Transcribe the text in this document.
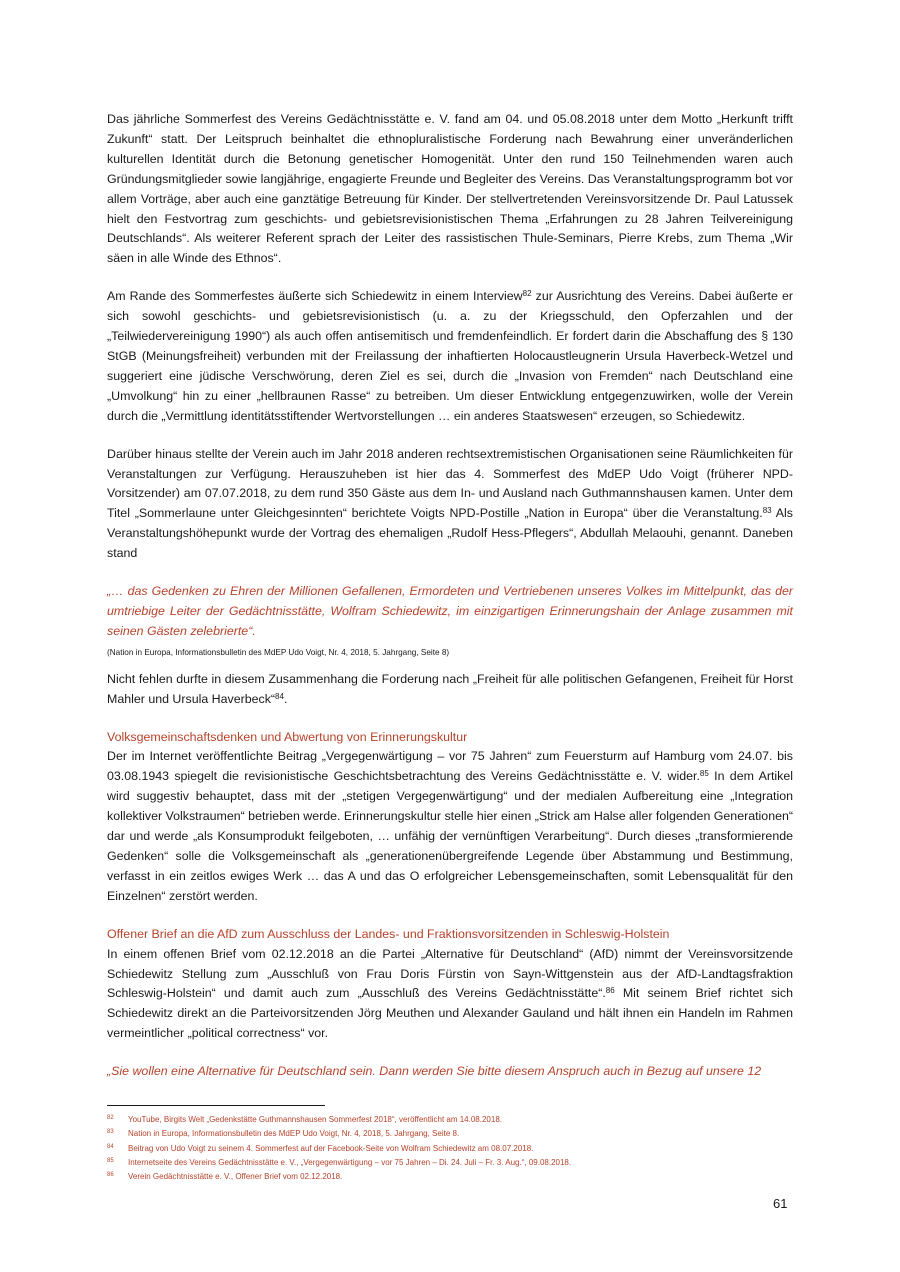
Das jährliche Sommerfest des Vereins Gedächtnisstätte e. V. fand am 04. und 05.08.2018 unter dem Motto „Herkunft trifft Zukunft“ statt. Der Leitspruch beinhaltet die ethnopluralistische Forderung nach Bewahrung einer unveränderlichen kulturellen Identität durch die Betonung genetischer Homogenität. Unter den rund 150 Teilnehmenden waren auch Gründungsmitglieder sowie langjährige, engagierte Freunde und Begleiter des Vereins. Das Veranstaltungsprogramm bot vor allem Vorträge, aber auch eine ganztätige Betreuung für Kinder. Der stellvertretenden Vereinsvorsitzende Dr. Paul Latussek hielt den Festvortrag zum geschichts- und gebietsrevisionistischen Thema „Erfahrungen zu 28 Jahren Teilvereinigung Deutschlands“. Als weiterer Referent sprach der Leiter des rassistischen Thule-Seminars, Pierre Krebs, zum Thema „Wir säen in alle Winde des Ethnos“.

Am Rande des Sommerfestes äußerte sich Schiedewitz in einem Interview$^{82}$ zur Ausrichtung des Vereins. Dabei äußerte er sich sowohl geschichts- und gebietsrevisionistisch (u. a. zu der Kriegsschuld, den Opferzahlen und der „Teilwiedervereinigung 1990“) als auch offen antisemitisch und fremdenfeindlich. Er fordert darin die Abschaffung des § 130 StGB (Meinungsfreiheit) verbunden mit der Freilassung der inhaftierten Holocaustleugnerin Ursula Haverbeck-Wetzel und suggeriert eine jüdische Verschwörung, deren Ziel es sei, durch die „Invasion von Fremden“ nach Deutschland eine „Umvolkung“ hin zu einer „hellbraunen Rasse“ zu betreiben. Um dieser Entwicklung entgegenzuwirken, wolle der Verein durch die „Vermittlung identitätsstiftender Wertvorstellungen … ein anderes Staatswesen“ erzeugen, so Schiedewitz.

Darüber hinaus stellte der Verein auch im Jahr 2018 anderen rechtsextremistischen Organisationen seine Räumlichkeiten für Veranstaltungen zur Verfügung. Herauszuheben ist hier das 4. Sommerfest des MdEP Udo Voigt (früherer NPD-Vorsitzender) am 07.07.2018, zu dem rund 350 Gäste aus dem In- und Ausland nach Guthmannshausen kamen. Unter dem Titel „Sommerlaune unter Gleichgesinnten“ berichtete Voigts NPD-Postille „Nation in Europa“ über die Veranstaltung.$^{83}$ Als Veranstaltungshöhepunkt wurde der Vortrag des ehemaligen „Rudolf Hess-Pflegers“, Abdullah Melaouhi, genannt. Daneben stand

„… das Gedenken zu Ehren der Millionen Gefallenen, Ermordeten und Vertriebenen unseres Volkes im Mittelpunkt, das der umtriebige Leiter der Gedächtnisstätte, Wolfram Schiedewitz, im einzigartigen Erinnerungshain der Anlage zusammen mit seinen Gästen zelebrierte“.

(Nation in Europa, Informationsbulletin des MdEP Udo Voigt, Nr. 4, 2018, 5. Jahrgang, Seite 8)

Nicht fehlen durfte in diesem Zusammenhang die Forderung nach „Freiheit für alle politischen Gefangenen, Freiheit für Horst Mahler und Ursula Haverbeck“$^{84}$.

Volksgemeinschaftsdenken und Abwertung von Erinnerungskultur

Der im Internet veröffentlichte Beitrag „Vergegenwärtigung – vor 75 Jahren“ zum Feuersturm auf Hamburg vom 24.07. bis 03.08.1943 spiegelt die revisionistische Geschichtsbetrachtung des Vereins Gedächtnisstätte e. V. wider.$^{85}$ In dem Artikel wird suggestiv behauptet, dass mit der „stetigen Vergegenwärtigung“ und der medialen Aufbereitung eine „Integration kollektiver Volkstraumen“ betrieben werde. Erinnerungskultur stelle hier einen „Strick am Halse aller folgenden Generationen“ dar und werde „als Konsumprodukt feilgeboten, … unfähig der vernünftigen Verarbeitung“. Durch dieses „transformierende Gedenken“ solle die Volksgemeinschaft als „generationenübergreifende Legende über Abstammung und Bestimmung, verfasst in ein zeitlos ewiges Werk … das A und das O erfolgreicher Lebensgemeinschaften, somit Lebensqualität für den Einzelnen“ zerstört werden.

Offener Brief an die AfD zum Ausschluss der Landes- und Fraktionsvorsitzenden in Schleswig-Holstein

In einem offenen Brief vom 02.12.2018 an die Partei „Alternative für Deutschland“ (AfD) nimmt der Vereinsvorsitzende Schiedewitz Stellung zum „Ausschluß von Frau Doris Fürstin von Sayn-Wittgenstein aus der AfD-Landtagsfraktion Schleswig-Holstein“ und damit auch zum „Ausschluß des Vereins Gedächtnisstätte“.$^{86}$ Mit seinem Brief richtet sich Schiedewitz direkt an die Parteivorsitzenden Jörg Meuthen und Alexander Gauland und hält ihnen ein Handeln im Rahmen vermeintlicher „political correctness“ vor.

„Sie wollen eine Alternative für Deutschland sein. Dann werden Sie bitte diesem Anspruch auch in Bezug auf unsere 12

82	YouTube, Birgits Welt „Gedenkstätte Guthmannshausen Sommerfest 2018“, veröffentlicht am 14.08.2018.
83	Nation in Europa, Informationsbulletin des MdEP Udo Voigt, Nr. 4, 2018, 5. Jahrgang, Seite 8.
84	Beitrag von Udo Voigt zu seinem 4. Sommerfest auf der Facebook-Seite von Wolfram Schiedewitz am 08.07.2018.
85	Internetseite des Vereins Gedächtnisstätte e. V., „Vergegenwärtigung – vor 75 Jahren – Di. 24. Juli – Fr. 3. Aug.“, 09.08.2018.
86	Verein Gedächtnisstätte e. V., Offener Brief vom 02.12.2018.
61
